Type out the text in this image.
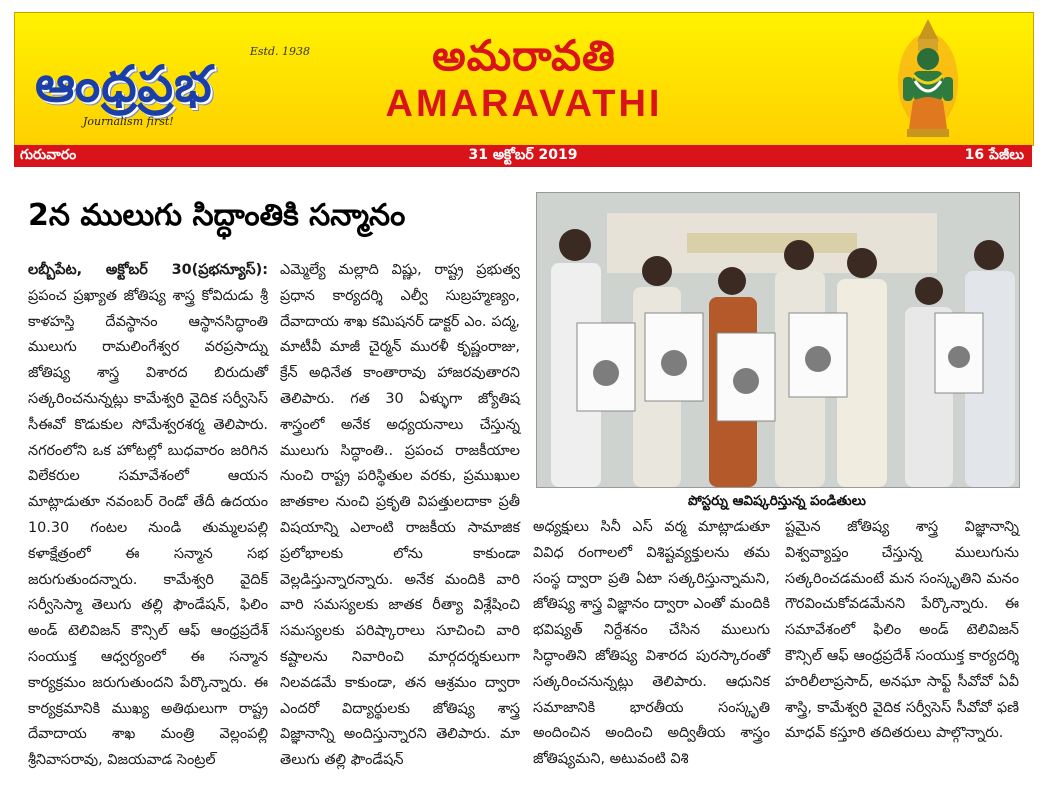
Estd. 1938
ఆంధ్రప్రభ
Journalism first!
అమరావతి
AMARAVATHI
గురువారం	31 అక్టోబర్ 2019	16 పేజీలు
2న ములుగు సిద్ధాంతికి సన్మానం

లబ్బీపేట, అక్టోబర్ 30(ప్రభన్యూస్): ప్రపంచ ప్రఖ్యాత జోతిష్య శాస్త్ర కోవిదుడు శ్రీ కాళహస్తి దేవస్థానం ఆస్థానసిద్ధాంతి ములుగు రామలింగేశ్వర వరప్రసాద్ను జోతిష్య శాస్త్ర విశారద బిరుదుతో సత్కరించనున్నట్లు కామేశ్వరి వైదిక సర్వీసెస్ సీఈవో కొడుకుల సోమేశ్వరశర్మ తెలిపారు. నగరంలోని ఒక హోటల్లో బుధవారం జరిగిన విలేకరుల సమావేశంలో ఆయన మాట్లాడుతూ నవంబర్ రెండో తేదీ ఉదయం 10.30 గంటల నుండి తుమ్మలపల్లి కళాక్షేత్రంలో ఈ సన్మాన సభ జరుగుతుందన్నారు. కామేశ్వరి వైదిక్ సర్వీసెస్మా తెలుగు తల్లి ఫౌండేషన్, ఫిలిం అండ్ టెలివిజన్ కౌన్సిల్ ఆఫ్ ఆంధ్రప్రదేశ్ సంయుక్త ఆధ్వర్యంలో ఈ సన్మాన కార్యక్రమం జరుగుతుందని పేర్కొన్నారు. ఈ కార్యక్రమానికి ముఖ్య అతిథులుగా రాష్ట్ర దేవాదాయ శాఖ మంత్రి వెల్లంపల్లి శ్రీనివాసరావు, విజయవాడ సెంట్రల్

ఎమ్మెల్యే మల్లాది విష్ణు, రాష్ట్ర ప్రభుత్వ ప్రధాన కార్యదర్శి ఎల్వీ సుబ్రహ్మణ్యం, దేవాదాయ శాఖ కమిషనర్ డాక్టర్ ఎం. పద్మ, మాటీవీ మాజీ చైర్మన్ మురళీ కృష్ణంరాజు, క్రేన్ అధినేత కాంతారావు హాజరవుతారని తెలిపారు. గత 30 ఏళ్ళుగా జ్యోతిష శాస్త్రంలో అనేక అధ్యయనాలు చేస్తున్న ములుగు సిద్ధాంతి.. ప్రపంచ రాజకీయాల నుంచి రాష్ట్ర పరిస్థితుల వరకు, ప్రముఖుల జాతకాల నుంచి ప్రకృతి విపత్తులదాకా ప్రతీ విషయాన్ని ఎలాంటి రాజకీయ సామాజిక ప్రలోభాలకు లోను కాకుండా వెల్లడిస్తున్నారన్నారు. అనేక మందికి వారి వారి సమస్యలకు జాతక రీత్యా విశ్లేషించి సమస్యలకు పరిష్కారాలు సూచించి వారి కష్టాలను నివారించి మార్గదర్శకులుగా నిలవడమే కాకుండా, తన ఆశ్రమం ద్వారా ఎందరో విద్యార్థులకు జోతిష్య శాస్త్ర విజ్ఞానాన్ని అందిస్తున్నారని తెలిపారు. మా తెలుగు తల్లి ఫౌండేషన్

పోస్టర్ను ఆవిష్కరిస్తున్న పండితులు

అధ్యక్షులు సినీ ఎస్ వర్మ మాట్లాడుతూ వివిధ రంగాలలో విశిష్టవ్యక్తులను తమ సంస్థ ద్వారా ప్రతి ఏటా సత్కరిస్తున్నామని, జోతిష్య శాస్త్ర విజ్ఞానం ద్వారా ఎంతో మందికి భవిష్యత్ నిర్దేశనం చేసిన ములుగు సిద్ధాంతిని జోతిష్య విశారద పురస్కారంతో సత్కరించనున్నట్లు తెలిపారు. ఆధునిక సమాజానికి భారతీయ సంస్కృతి అందించిన అందించి అద్వితీయ శాస్త్రం జోతిష్యమని, అటువంటి విశి

ష్టమైన జోతిష్య శాస్త్ర విజ్ఞానాన్ని విశ్వవ్యాప్తం చేస్తున్న ములుగును సత్కరించడమంటే మన సంస్కృతిని మనం గౌరవించుకోవడమేనని పేర్కొన్నారు. ఈ సమావేశంలో ఫిలిం అండ్ టెలివిజన్ కౌన్సిల్ ఆఫ్ ఆంధ్రప్రదేశ్ సంయుక్త కార్యదర్శి హరిలీలాప్రసాద్, అనఘా సాఫ్ట్ సీవోవో ఏవీ శాస్త్రి, కామేశ్వరి వైదిక సర్వీసెస్ సీవోవో ఫణి మాధవ్ కస్తూరి తదితరులు పాల్గొన్నారు.
